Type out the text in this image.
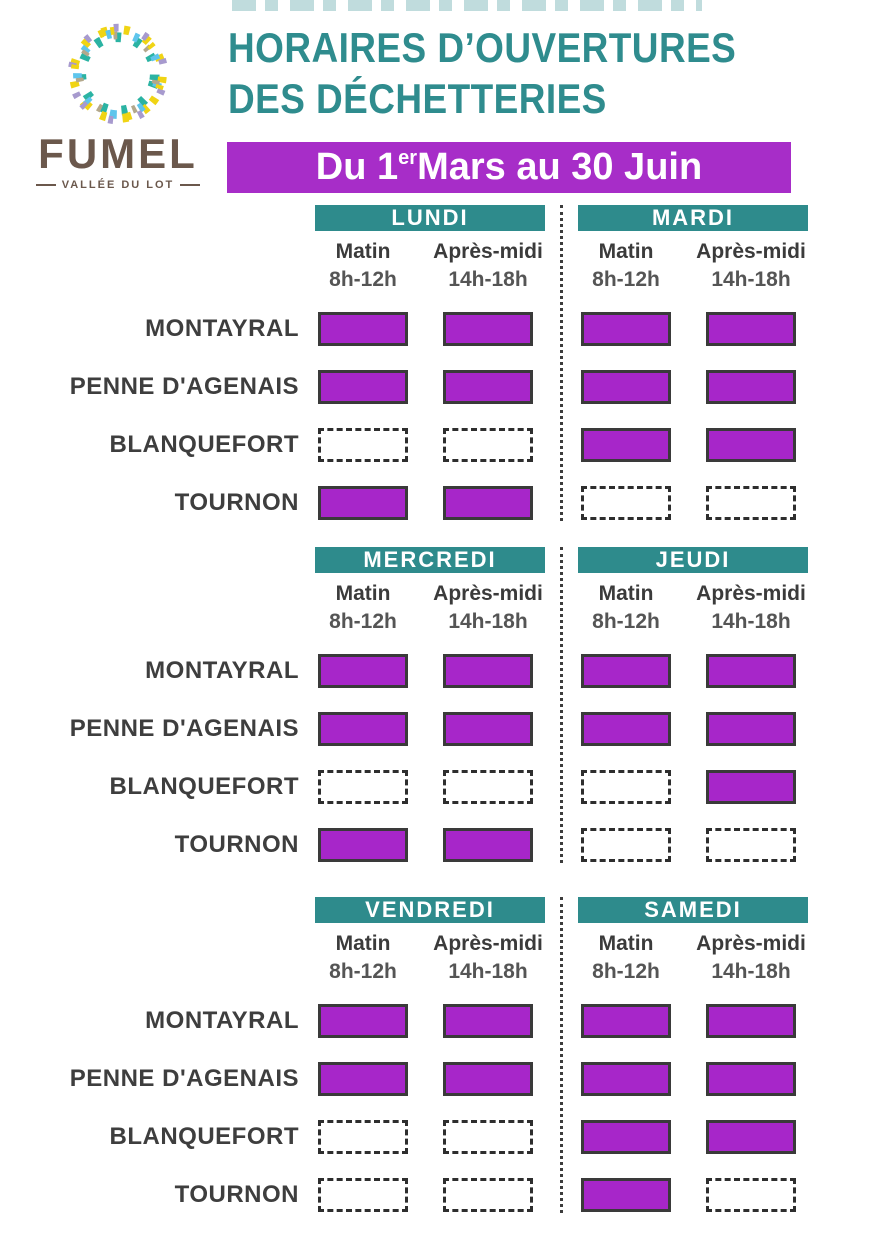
FUMEL
VALLÉE DU LOT
HORAIRES D’OUVERTURES
DES DÉCHETTERIES
Du 1er Mars au 30 Juin
MONTAYRAL
PENNE D'AGENAIS
BLANQUEFORT
TOURNON
LUNDI
Matin Après-midi
8h-12h 14h-18h
MARDI
Matin Après-midi
8h-12h 14h-18h
MONTAYRAL
PENNE D'AGENAIS
BLANQUEFORT
TOURNON
MERCREDI
Matin Après-midi
8h-12h 14h-18h
JEUDI
Matin Après-midi
8h-12h 14h-18h
MONTAYRAL
PENNE D'AGENAIS
BLANQUEFORT
TOURNON
VENDREDI
Matin Après-midi
8h-12h 14h-18h
SAMEDI
Matin Après-midi
8h-12h 14h-18h
